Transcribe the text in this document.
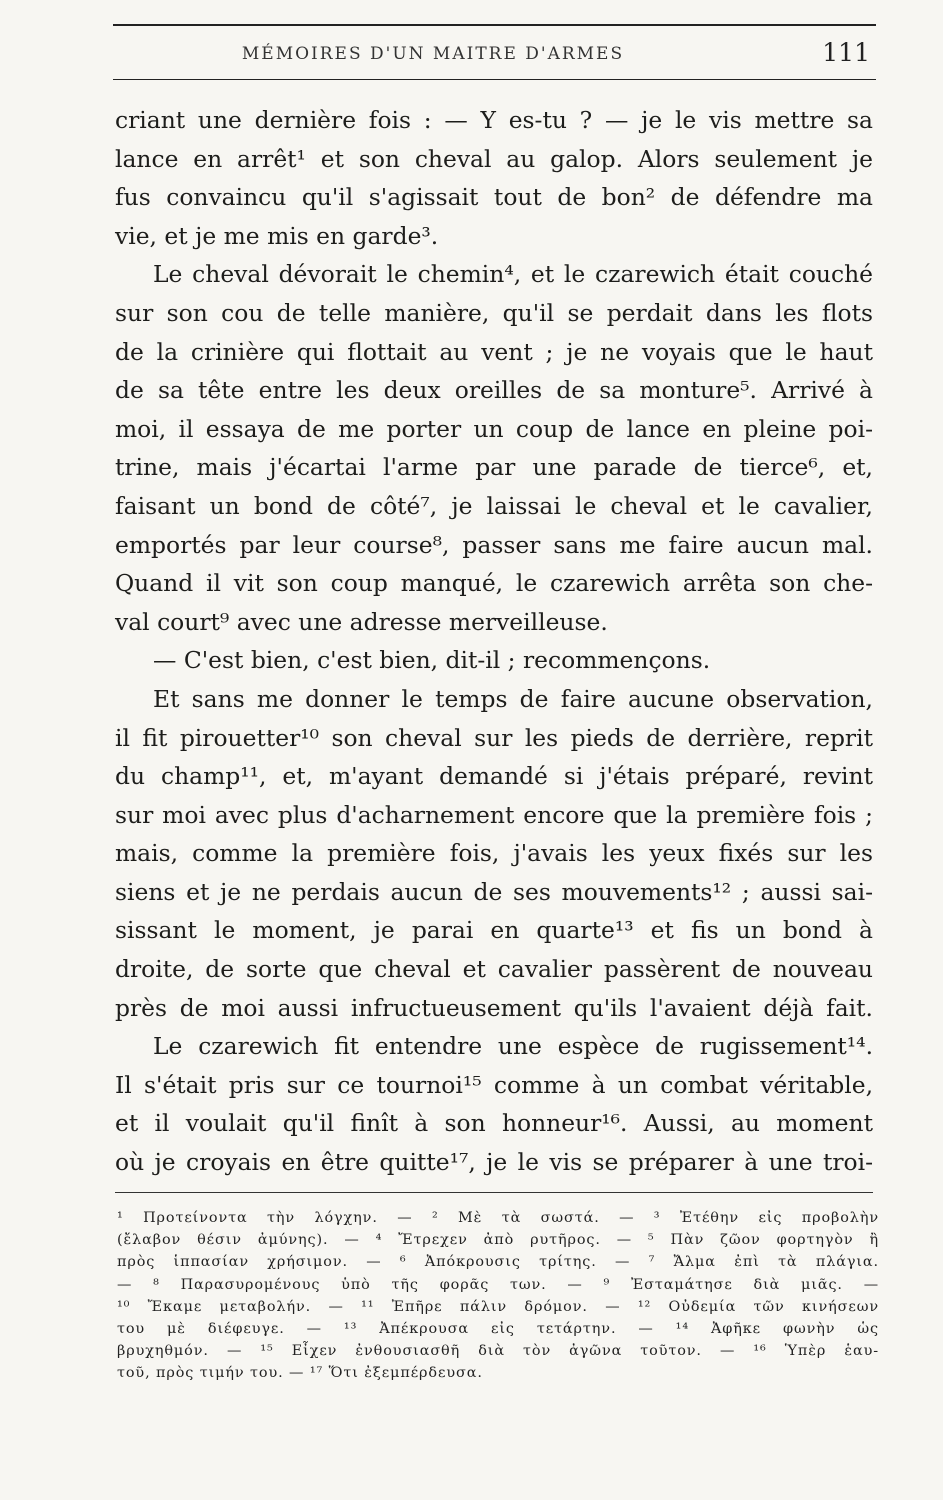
MÉMOIRES D'UN MAITRE D'ARMES	111
criant une dernière fois : — Y es-tu ? — je le vis mettre sa
lance en arrêt¹ et son cheval au galop. Alors seulement je
fus convaincu qu'il s'agissait tout de bon² de défendre ma
vie, et je me mis en garde³.
Le cheval dévorait le chemin⁴, et le czarewich était couché
sur son cou de telle manière, qu'il se perdait dans les flots
de la crinière qui flottait au vent ; je ne voyais que le haut
de sa tête entre les deux oreilles de sa monture⁵. Arrivé à
moi, il essaya de me porter un coup de lance en pleine poi-
trine, mais j'écartai l'arme par une parade de tierce⁶, et,
faisant un bond de côté⁷, je laissai le cheval et le cavalier,
emportés par leur course⁸, passer sans me faire aucun mal.
Quand il vit son coup manqué, le czarewich arrêta son che-
val court⁹ avec une adresse merveilleuse.
— C'est bien, c'est bien, dit-il ; recommençons.
Et sans me donner le temps de faire aucune observation,
il fit pirouetter¹⁰ son cheval sur les pieds de derrière, reprit
du champ¹¹, et, m'ayant demandé si j'étais préparé, revint
sur moi avec plus d'acharnement encore que la première fois ;
mais, comme la première fois, j'avais les yeux fixés sur les
siens et je ne perdais aucun de ses mouvements¹² ; aussi sai-
sissant le moment, je parai en quarte¹³ et fis un bond à
droite, de sorte que cheval et cavalier passèrent de nouveau
près de moi aussi infructueusement qu'ils l'avaient déjà fait.
Le czarewich fit entendre une espèce de rugissement¹⁴.
Il s'était pris sur ce tournoi¹⁵ comme à un combat véritable,
et il voulait qu'il finît à son honneur¹⁶. Aussi, au moment
où je croyais en être quitte¹⁷, je le vis se préparer à une troi-
¹ Προτείνοντα τὴν λόγχην. — ² Μὲ τὰ σωστά. — ³ Ἐτέθην εἰς προβολὴν
(ἔλαβον θέσιν ἀμύνης). — ⁴ Ἔτρεχεν ἀπὸ ρυτῆρος. — ⁵ Πὰν ζῶον φορτηγὸν ἢ
πρὸς ἱππασίαν χρήσιμον. — ⁶ Ἀπόκρουσις τρίτης. — ⁷ Ἄλμα ἐπὶ τὰ πλάγια.
— ⁸ Παρασυρομένους ὑπὸ τῆς φορᾶς των. — ⁹ Ἐσταμάτησε διὰ μιᾶς. —
¹⁰ Ἔκαμε μεταβολήν. — ¹¹ Ἐπῆρε πάλιν δρόμον. — ¹² Οὐδεμία τῶν κινήσεων
του μὲ διέφευγε. — ¹³ Ἀπέκρουσα εἰς τετάρτην. — ¹⁴ Ἀφῆκε φωνὴν ὡς
βρυχηθμόν. — ¹⁵ Εἶχεν ἐνθουσιασθῆ διὰ τὸν ἀγῶνα τοῦτον. — ¹⁶ Ὑπὲρ ἑαυ-
τοῦ, πρὸς τιμήν του. — ¹⁷ Ὅτι ἐξεμπέρδευσα.
